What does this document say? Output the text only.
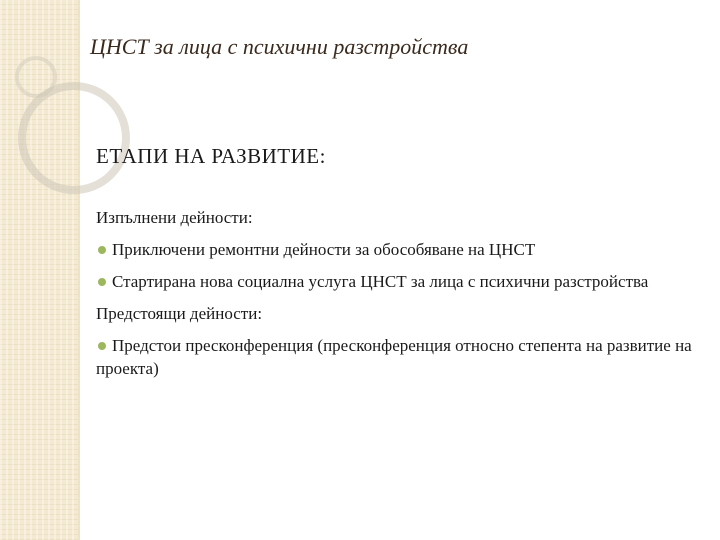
ЦНСТ за лица с психични разстройства
ЕТАПИ НА РАЗВИТИЕ:
Изпълнени дейности:
Приключени ремонтни дейности за обособяване на ЦНСТ
Стартирана нова социална услуга ЦНСТ за лица с психични разстройства
Предстоящи дейности:
Предстои пресконференция (пресконференция относно степента на развитие на проекта)
